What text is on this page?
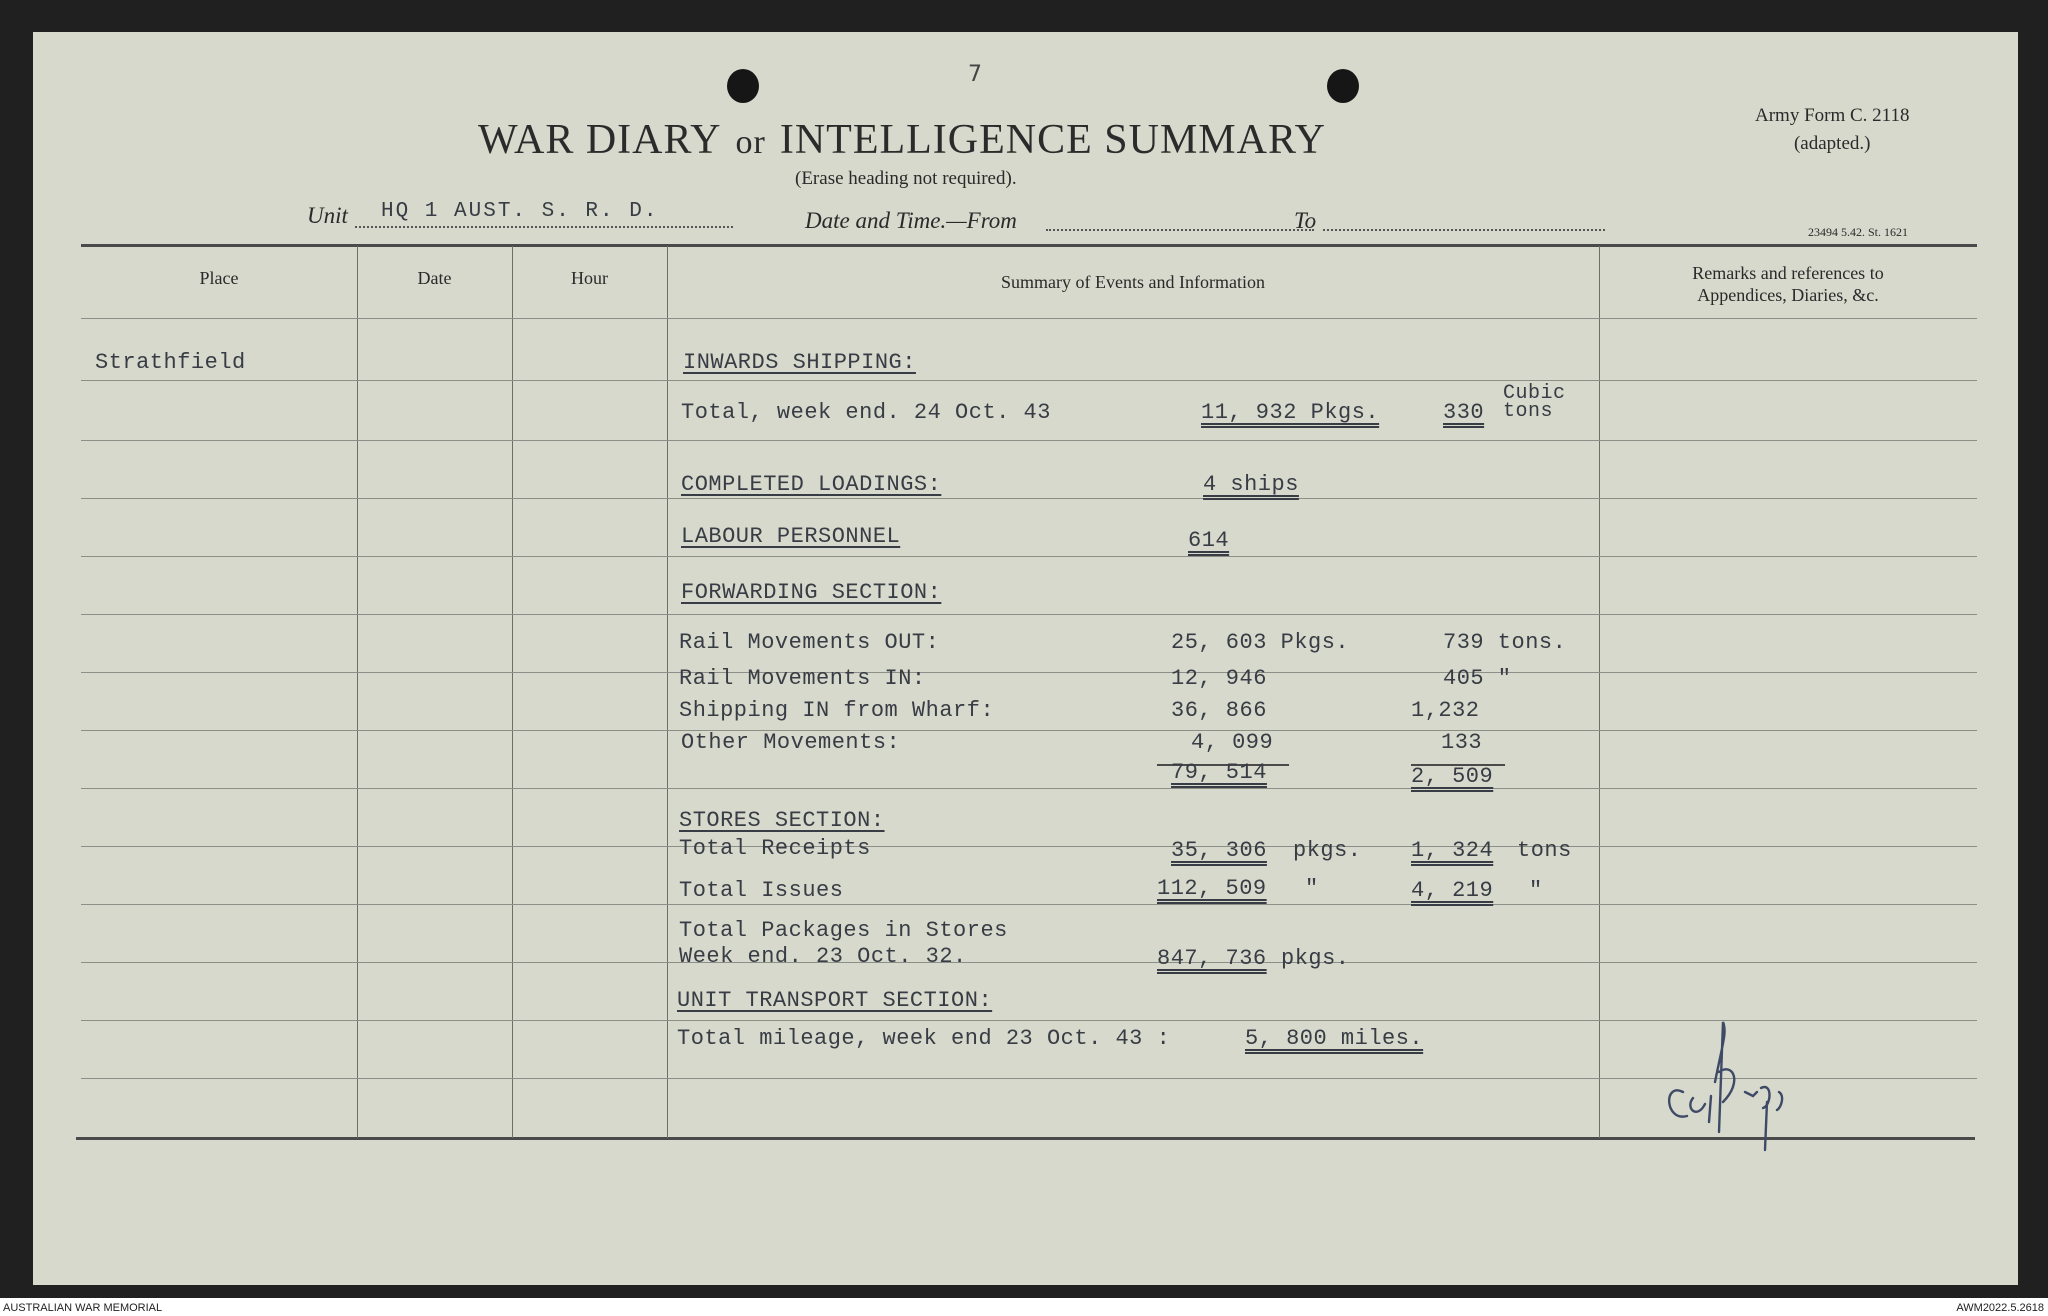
7
WAR DIARY or INTELLIGENCE SUMMARY
(Erase heading not required).
Army Form C. 2118
(adapted.)
23494 5.42. St. 1621
Unit HQ 1 AUST. S. R. D.	Date and Time.—From	To
Place	Date	Hour	Summary of Events and Information	Remarks and references to
Appendices, Diaries, &c.
Strathfield	INWARDS SHIPPING:
Total, week end. 24 Oct. 43	11, 932 Pkgs.	330
Cubic
tons
COMPLETED LOADINGS:	4 ships
LABOUR PERSONNEL	614
FORWARDING SECTION:
Rail Movements OUT:	25, 603 Pkgs.	739 tons.
Rail Movements IN:	12, 946	405 "
Shipping IN from Wharf:	36, 866	1,232
Other Movements:	4, 099	133
79, 514	2, 509
STORES SECTION:
Total Receipts	35, 306 pkgs. 1, 324 tons
Total Issues	112, 509 "	4, 219 "
Total Packages in Stores
Week end. 23 Oct. 32.	847, 736 pkgs.
UNIT TRANSPORT SECTION:
Total mileage, week end 23 Oct. 43 :	5, 800 miles.
AUSTRALIAN WAR MEMORIAL	AWM2022.5.2618
